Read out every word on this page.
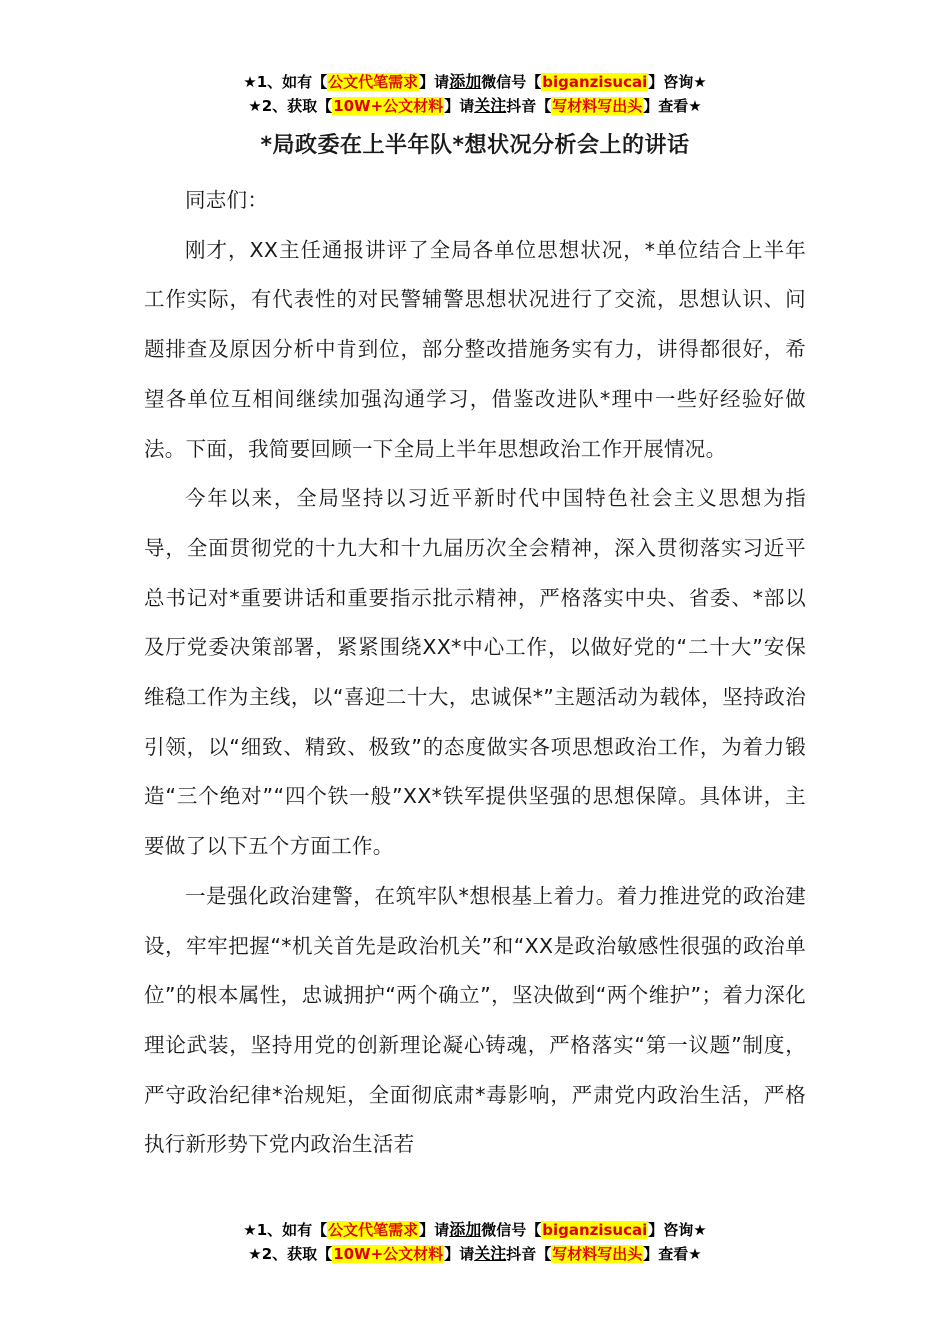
★1、如有【公文代笔需求】请添加微信号【biganzisucai】咨询★
★2、获取【10W+公文材料】请关注抖音【写材料写出头】查看★
*局政委在上半年队*想状况分析会上的讲话

同志们：

刚才，XX主任通报讲评了全局各单位思想状况，*单位结合上半年工作实际，有代表性的对民警辅警思想状况进行了交流，思想认识、问题排查及原因分析中肯到位，部分整改措施务实有力，讲得都很好，希望各单位互相间继续加强沟通学习，借鉴改进队*理中一些好经验好做法。下面，我简要回顾一下全局上半年思想政治工作开展情况。

今年以来，全局坚持以习近平新时代中国特色社会主义思想为指导，全面贯彻党的十九大和十九届历次全会精神，深入贯彻落实习近平总书记对*重要讲话和重要指示批示精神，严格落实中央、省委、*部以及厅党委决策部署，紧紧围绕XX*中心工作，以做好党的“二十大”安保维稳工作为主线，以“喜迎二十大，忠诚保*”主题活动为载体，坚持政治引领，以“细致、精致、极致”的态度做实各项思想政治工作，为着力锻造“三个绝对”“四个铁一般”XX*铁军提供坚强的思想保障。具体讲，主要做了以下五个方面工作。

一是强化政治建警，在筑牢队*想根基上着力。着力推进党的政治建设，牢牢把握“*机关首先是政治机关”和“XX是政治敏感性很强的政治单位”的根本属性，忠诚拥护“两个确立”，坚决做到“两个维护”；着力深化理论武装，坚持用党的创新理论凝心铸魂，严格落实“第一议题”制度，严守政治纪律*治规矩，全面彻底肃*毒影响，严肃党内政治生活，严格执行新形势下党内政治生活若

★1、如有【公文代笔需求】请添加微信号【biganzisucai】咨询★
★2、获取【10W+公文材料】请关注抖音【写材料写出头】查看★
